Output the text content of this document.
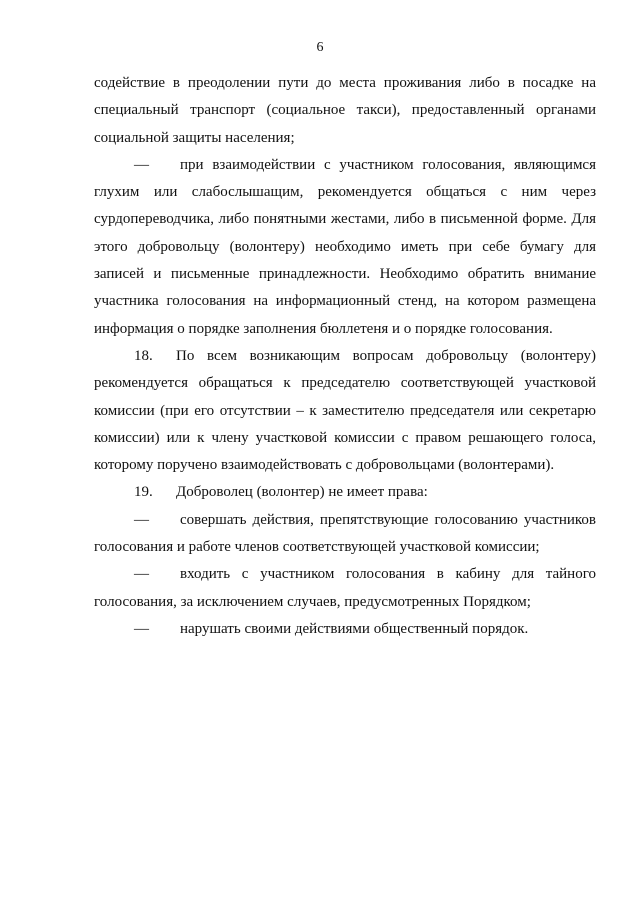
6

содействие в преодолении пути до места проживания либо в посадке на специальный транспорт (социальное такси), предоставленный органами социальной защиты населения;

— при взаимодействии с участником голосования, являющимся глухим или слабослышащим, рекомендуется общаться с ним через сурдопереводчика, либо понятными жестами, либо в письменной форме. Для этого добровольцу (волонтеру) необходимо иметь при себе бумагу для записей и письменные принадлежности. Необходимо обратить внимание участника голосования на информационный стенд, на котором размещена информация о порядке заполнения бюллетеня и о порядке голосования.

18. По всем возникающим вопросам добровольцу (волонтеру) рекомендуется обращаться к председателю соответствующей участковой комиссии (при его отсутствии – к заместителю председателя или секретарю комиссии) или к члену участковой комиссии с правом решающего голоса, которому поручено взаимодействовать с добровольцами (волонтерами).

19. Доброволец (волонтер) не имеет права:

— совершать действия, препятствующие голосованию участников голосования и работе членов соответствующей участковой комиссии;

— входить с участником голосования в кабину для тайного голосования, за исключением случаев, предусмотренных Порядком;

— нарушать своими действиями общественный порядок.
